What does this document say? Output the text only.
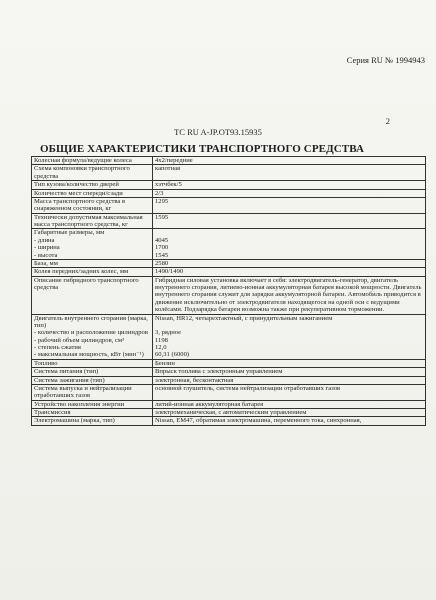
Серия RU № 1994943
2
ТС RU A-JP.ОТ93.15935
ОБЩИЕ ХАРАКТЕРИСТИКИ ТРАНСПОРТНОГО СРЕДСТВА
Колесная формула/ведущие колеса	4x2/передние
Схема компоновки транспортного средства	капотная
Тип кузова/количество дверей	хэтчбек/5
Количество мест спереди/сзади	2/3
Масса транспортного средства в снаряженном состоянии, кг	1295
Технически допустимая максимальная масса транспортного средства, кг	1595
Габаритные размеры, мм	
- длина	4045
- ширина	1700
- высота	1545
База, мм	2580
Колея передних/задних колес, мм	1490/1490
Описание гибридного транспортного средства	Гибридная силовая установка включает в себя: электродвигатель-генератор, двигатель внутреннего сгорания, литиево-ионная аккумуляторная батарея высокой мощности. Двигатель внутреннего сгорания служит для зарядки аккумуляторной батареи. Автомобиль приводится в движение исключительно от электродвигателя находящегося на одной оси с ведущими колёсами. Подзарядка батареи возможна также при рекуперативном торможении.
Двигатель внутреннего сгорания (марка, тип)	Nissan, HR12, четырехтактный, с принудительным зажиганием
- количество и расположение цилиндров	3, рядное
- рабочий объем цилиндров, см³	1198
- степень сжатия	12,0
- максимальная мощность, кВт (мин⁻¹)	60,31 (6000)
Топливо	Бензин
Система питания (тип)	Впрыск топлива с электронным управлением
Система зажигания (тип)	электронная, бесконтактная
Система выпуска и нейтрализации отработавших газов	основной глушитель, система нейтрализации отработавших газов
Устройство накопления энергии	литий-ионная аккумуляторная батарея
Трансмиссия	электромеханическая, с автоматическим управлением
Электромашина (марка, тип)	Nissan, EM47, обратимая электромашина, переменного тока, синхронная,
